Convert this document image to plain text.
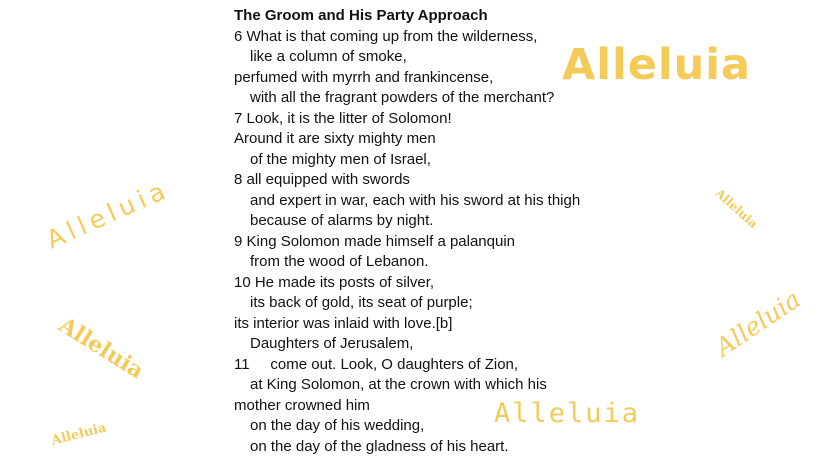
The Groom and His Party Approach

6 What is that coming up from the wilderness,

like a column of smoke,

perfumed with myrrh and frankincense,

with all the fragrant powders of the merchant?

7 Look, it is the litter of Solomon!

Around it are sixty mighty men

of the mighty men of Israel,

8 all equipped with swords

and expert in war, each with his sword at his thigh

because of alarms by night.

9 King Solomon made himself a palanquin

from the wood of Lebanon.

10 He made its posts of silver,

its back of gold, its seat of purple;

its interior was inlaid with love.[b]

Daughters of Jerusalem,

11     come out. Look, O daughters of Zion,

at King Solomon, at the crown with which his

mother crowned him

on the day of his wedding,

on the day of the gladness of his heart.

Alleluia
Alleluia	Alleluia
Alleluia	Alleluia
Alleluia
Alleluia
